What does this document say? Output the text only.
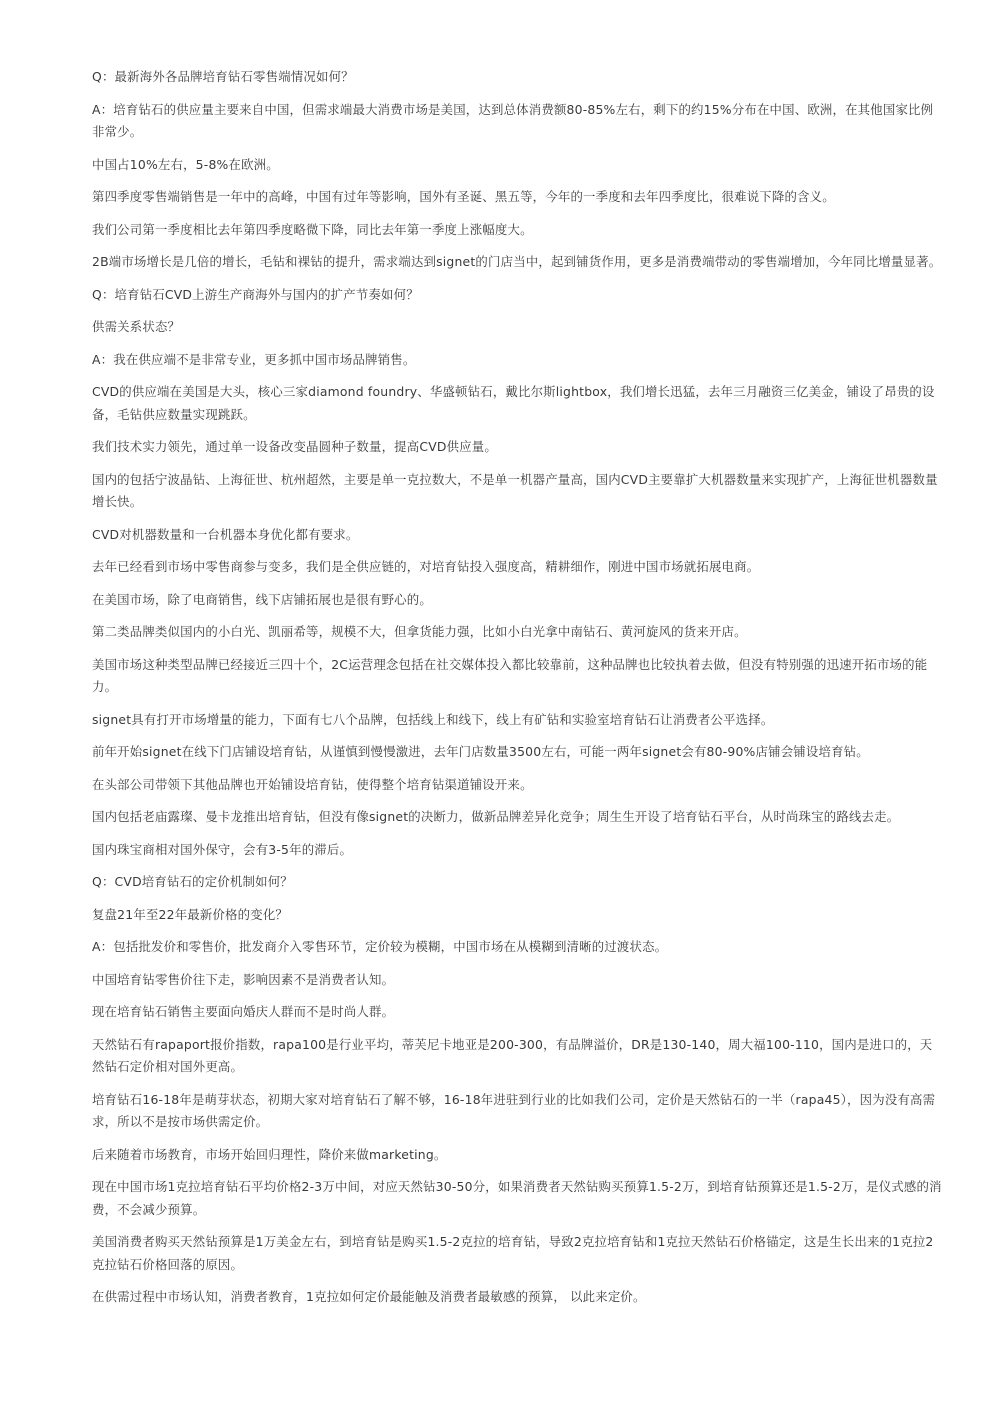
Q：最新海外各品牌培育钻石零售端情况如何？

A：培育钻石的供应量主要来自中国，但需求端最大消费市场是美国，达到总体消费额80-85%左右，剩下的约15%分布在中国、欧洲，在其他国家比例非常少。

中国占10%左右，5-8%在欧洲。

第四季度零售端销售是一年中的高峰，中国有过年等影响，国外有圣诞、黑五等，今年的一季度和去年四季度比，很难说下降的含义。

我们公司第一季度相比去年第四季度略微下降，同比去年第一季度上涨幅度大。

2B端市场增长是几倍的增长，毛钻和裸钻的提升，需求端达到signet的门店当中，起到铺货作用，更多是消费端带动的零售端增加，今年同比增量显著。

Q：培育钻石CVD上游生产商海外与国内的扩产节奏如何？

供需关系状态？

A：我在供应端不是非常专业，更多抓中国市场品牌销售。

CVD的供应端在美国是大头，核心三家diamond foundry、华盛顿钻石，戴比尔斯lightbox，我们增长迅猛，去年三月融资三亿美金，铺设了昂贵的设备，毛钻供应数量实现跳跃。

我们技术实力领先，通过单一设备改变晶圆种子数量，提高CVD供应量。

国内的包括宁波晶钻、上海征世、杭州超然，主要是单一克拉数大，不是单一机器产量高，国内CVD主要靠扩大机器数量来实现扩产，上海征世机器数量增长快。

CVD对机器数量和一台机器本身优化都有要求。

去年已经看到市场中零售商参与变多，我们是全供应链的，对培育钻投入强度高，精耕细作，刚进中国市场就拓展电商。

在美国市场，除了电商销售，线下店铺拓展也是很有野心的。

第二类品牌类似国内的小白光、凯丽希等，规模不大，但拿货能力强，比如小白光拿中南钻石、黄河旋风的货来开店。

美国市场这种类型品牌已经接近三四十个，2C运营理念包括在社交媒体投入都比较靠前，这种品牌也比较执着去做，但没有特别强的迅速开拓市场的能力。

signet具有打开市场增量的能力，下面有七八个品牌，包括线上和线下，线上有矿钻和实验室培育钻石让消费者公平选择。

前年开始signet在线下门店铺设培育钻，从谨慎到慢慢激进，去年门店数量3500左右，可能一两年signet会有80-90%店铺会铺设培育钻。

在头部公司带领下其他品牌也开始铺设培育钻，使得整个培育钻渠道铺设开来。

国内包括老庙露璨、曼卡龙推出培育钻，但没有像signet的决断力，做新品牌差异化竞争；周生生开设了培育钻石平台，从时尚珠宝的路线去走。

国内珠宝商相对国外保守，会有3-5年的滞后。

Q：CVD培育钻石的定价机制如何？

复盘21年至22年最新价格的变化？

A：包括批发价和零售价，批发商介入零售环节，定价较为模糊，中国市场在从模糊到清晰的过渡状态。

中国培育钻零售价往下走，影响因素不是消费者认知。

现在培育钻石销售主要面向婚庆人群而不是时尚人群。

天然钻石有rapaport报价指数，rapa100是行业平均，蒂芙尼卡地亚是200-300，有品牌溢价，DR是130-140，周大福100-110，国内是进口的，天然钻石定价相对国外更高。

培育钻石16-18年是萌芽状态，初期大家对培育钻石了解不够，16-18年进驻到行业的比如我们公司，定价是天然钻石的一半（rapa45），因为没有高需求，所以不是按市场供需定价。

后来随着市场教育，市场开始回归理性，降价来做marketing。

现在中国市场1克拉培育钻石平均价格2-3万中间，对应天然钻30-50分，如果消费者天然钻购买预算1.5-2万，到培育钻预算还是1.5-2万，是仪式感的消费，不会减少预算。

美国消费者购买天然钻预算是1万美金左右，到培育钻是购买1.5-2克拉的培育钻，导致2克拉培育钻和1克拉天然钻石价格锚定，这是生长出来的1克拉2克拉钻石价格回落的原因。

在供需过程中市场认知，消费者教育，1克拉如何定价最能触及消费者最敏感的预算， 以此来定价。
